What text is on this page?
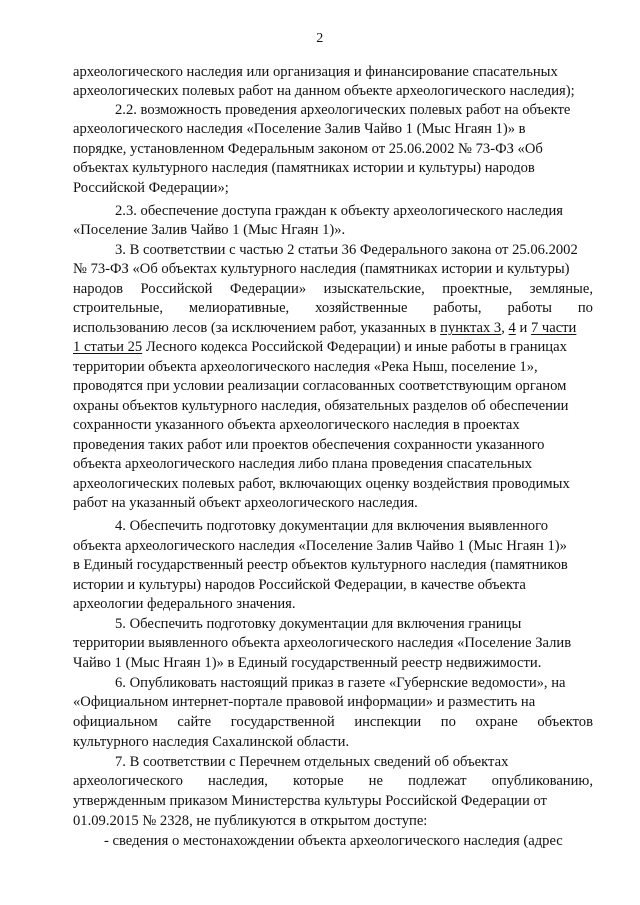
2
археологического наследия или организация и финансирование спасательных
археологических полевых работ на данном объекте археологического наследия);
2.2. возможность проведения археологических полевых работ на объекте
археологического наследия «Поселение Залив Чайво 1 (Мыс Нгаян 1)» в
порядке, установленном Федеральным законом от 25.06.2002 № 73-ФЗ «Об
объектах культурного наследия (памятниках истории и культуры) народов
Российской Федерации»;
2.3. обеспечение доступа граждан к объекту археологического наследия
«Поселение Залив Чайво 1 (Мыс Нгаян 1)».
3. В соответствии с частью 2 статьи 36 Федерального закона от 25.06.2002
№ 73-ФЗ «Об объектах культурного наследия (памятниках истории и культуры)
народов Российской Федерации» изыскательские, проектные, земляные,
строительные, мелиоративные, хозяйственные работы, работы по
использованию лесов (за исключением работ, указанных в пунктах 3, 4 и 7 части
1 статьи 25 Лесного кодекса Российской Федерации) и иные работы в границах
территории объекта археологического наследия «Река Ныш, поселение 1»,
проводятся при условии реализации согласованных соответствующим органом
охраны объектов культурного наследия, обязательных разделов об обеспечении
сохранности указанного объекта археологического наследия в проектах
проведения таких работ или проектов обеспечения сохранности указанного
объекта археологического наследия либо плана проведения спасательных
археологических полевых работ, включающих оценку воздействия проводимых
работ на указанный объект археологического наследия.
4. Обеспечить подготовку документации для включения выявленного
объекта археологического наследия «Поселение Залив Чайво 1 (Мыс Нгаян 1)»
в Единый государственный реестр объектов культурного наследия (памятников
истории и культуры) народов Российской Федерации, в качестве объекта
археологии федерального значения.
5. Обеспечить подготовку документации для включения границы
территории выявленного объекта археологического наследия «Поселение Залив
Чайво 1 (Мыс Нгаян 1)» в Единый государственный реестр недвижимости.
6. Опубликовать настоящий приказ в газете «Губернские ведомости», на
«Официальном интернет-портале правовой информации» и разместить на
официальном сайте государственной инспекции по охране объектов
культурного наследия Сахалинской области.
7. В соответствии с Перечнем отдельных сведений об объектах
археологического наследия, которые не подлежат опубликованию,
утвержденным приказом Министерства культуры Российской Федерации от
01.09.2015 № 2328, не публикуются в открытом доступе:
- сведения о местонахождении объекта археологического наследия (адрес
